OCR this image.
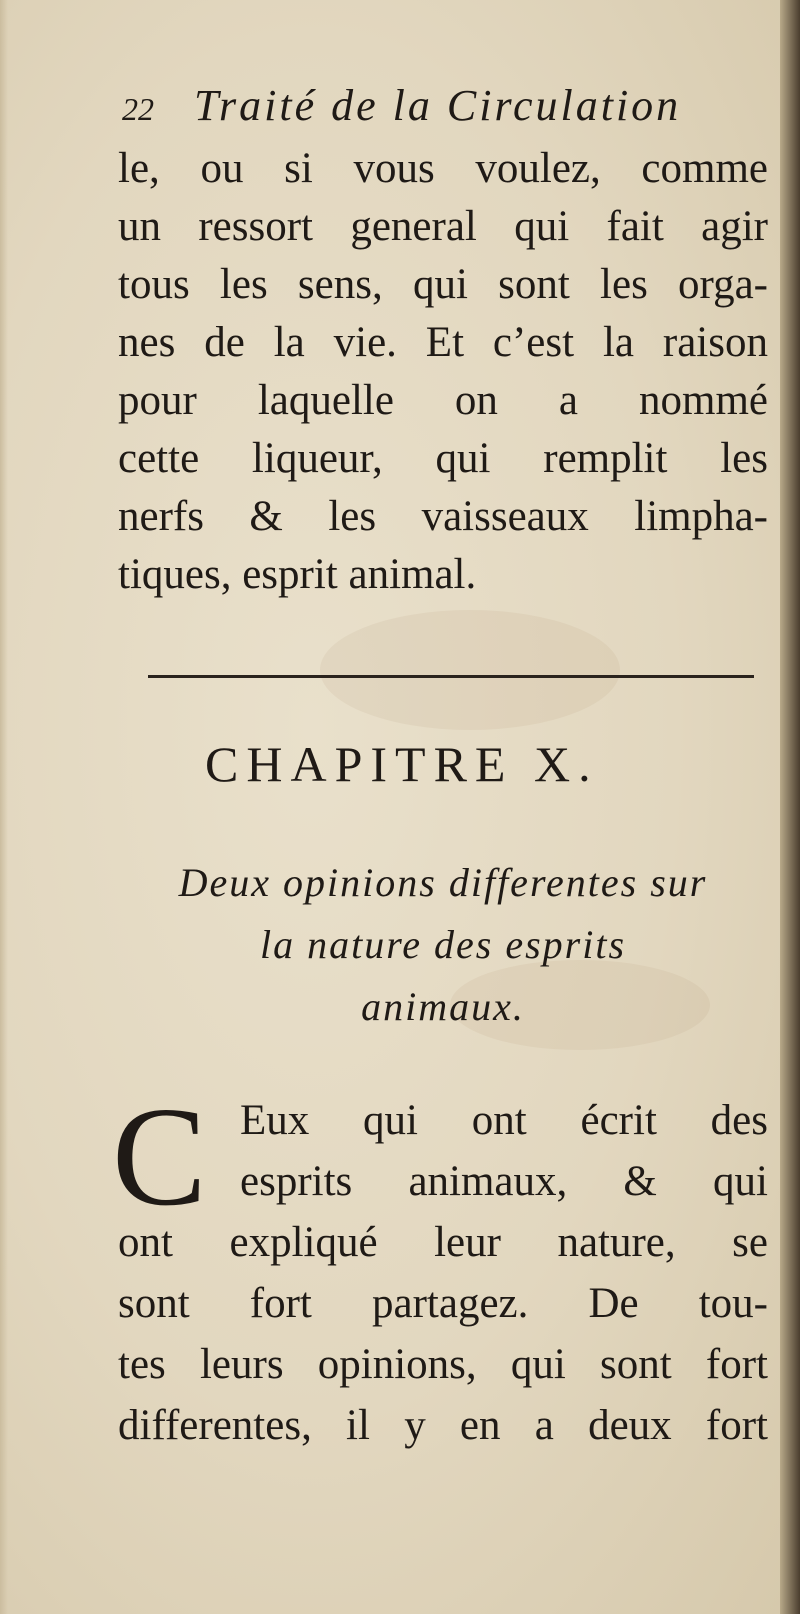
22 Traité de la Circulation
le, ou si vous voulez, comme
un ressort general qui fait agir
tous les sens, qui sont les orga-
nes de la vie. Et c’est la raison
pour laquelle on a nommé
cette liqueur, qui remplit les
nerfs & les vaisseaux limpha-
tiques, esprit animal.
CHAPITRE X.
Deux opinions differentes sur
la nature des esprits
animaux.
C Eux qui ont écrit des
esprits animaux, & qui
ont expliqué leur nature, se
sont fort partagez. De tou-
tes leurs opinions, qui sont fort
differentes, il y en a deux fort
